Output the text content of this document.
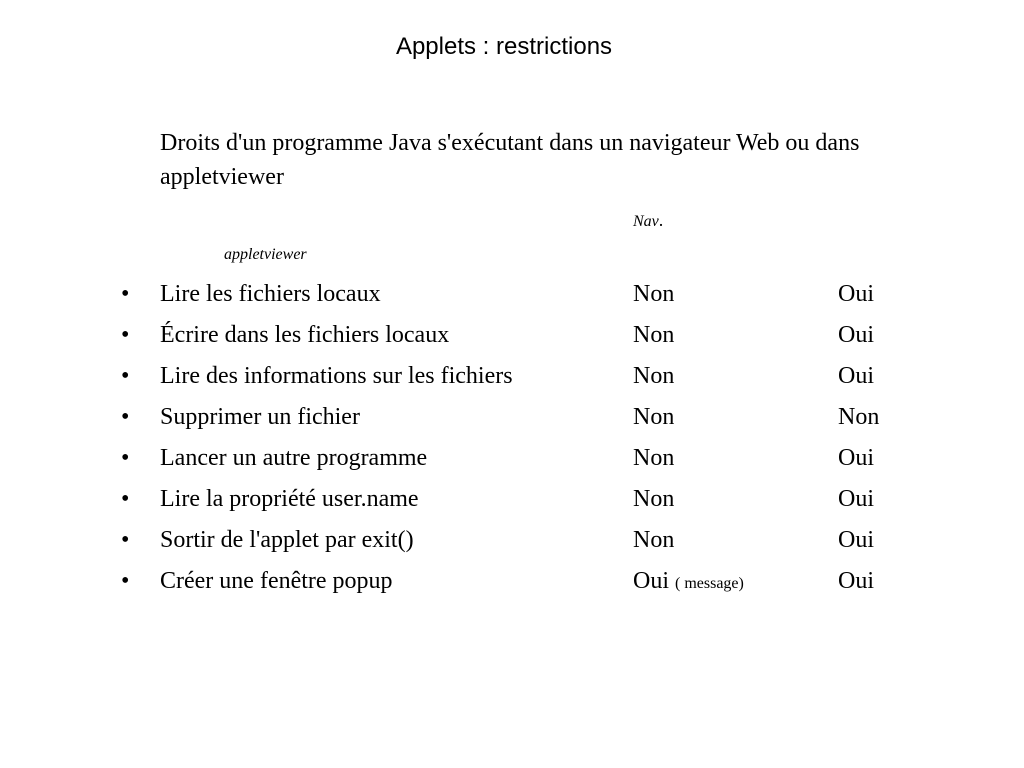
Applets : restrictions
Droits d'un programme Java s'exécutant dans un navigateur Web ou dans appletviewer
Nav.
appletviewer
• Lire les fichiers locaux	Non	Oui
• Écrire dans les fichiers locaux	Non	Oui
• Lire des informations sur les fichiers	Non	Oui
• Supprimer un fichier	Non	Non
• Lancer un autre programme	Non	Oui
• Lire la propriété user.name	Non	Oui
• Sortir de l'applet par exit()	Non	Oui
• Créer une fenêtre popup	Oui ( message)	Oui
